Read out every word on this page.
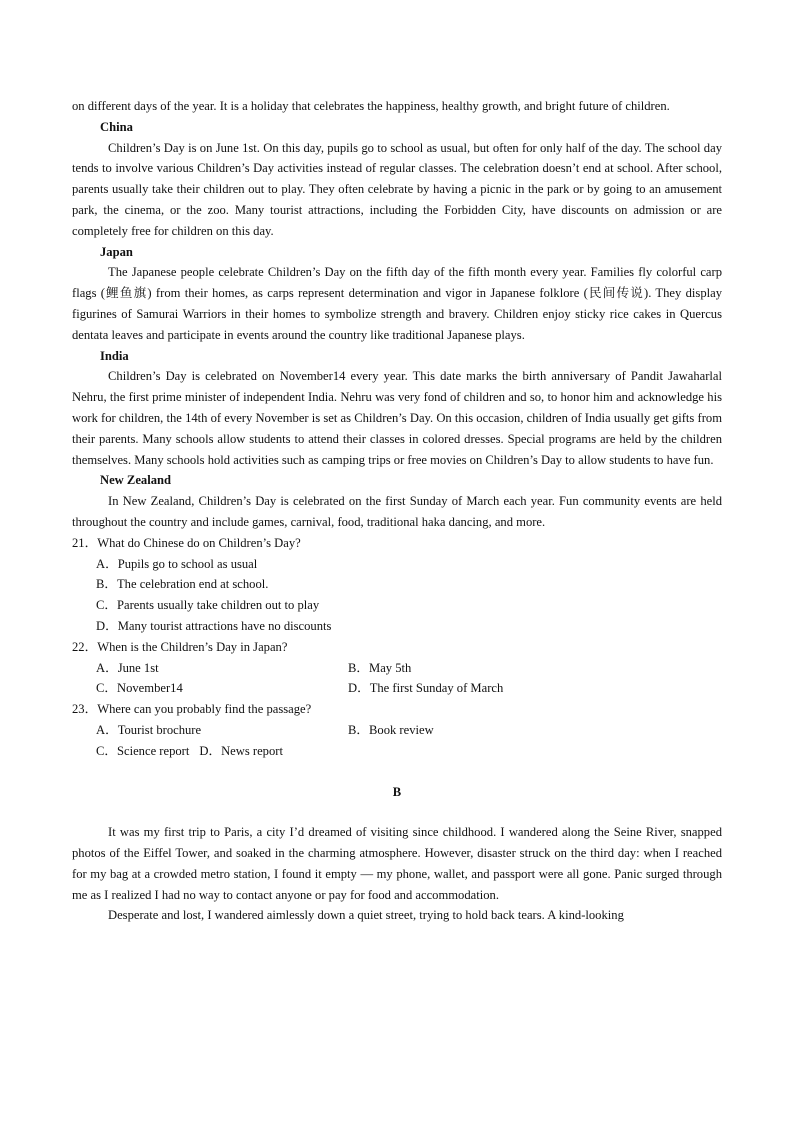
on different days of the year. It is a holiday that celebrates the happiness, healthy growth, and bright future of children.

China

Children’s Day is on June 1st. On this day, pupils go to school as usual, but often for only half of the day. The school day tends to involve various Children’s Day activities instead of regular classes. The celebration doesn’t end at school. After school, parents usually take their children out to play. They often celebrate by having a picnic in the park or by going to an amusement park, the cinema, or the zoo. Many tourist attractions, including the Forbidden City, have discounts on admission or are completely free for children on this day.

Japan

The Japanese people celebrate Children’s Day on the fifth day of the fifth month every year. Families fly colorful carp flags (鲤鱼旗) from their homes, as carps represent determination and vigor in Japanese folklore (民间传说). They display figurines of Samurai Warriors in their homes to symbolize strength and bravery. Children enjoy sticky rice cakes in Quercus dentata leaves and participate in events around the country like traditional Japanese plays.

India

Children’s Day is celebrated on November14 every year. This date marks the birth anniversary of Pandit Jawaharlal Nehru, the first prime minister of independent India. Nehru was very fond of children and so, to honor him and acknowledge his work for children, the 14th of every November is set as Children’s Day. On this occasion, children of India usually get gifts from their parents. Many schools allow students to attend their classes in colored dresses. Special programs are held by the children themselves. Many schools hold activities such as camping trips or free movies on Children’s Day to allow students to have fun.

New Zealand

In New Zealand, Children’s Day is celebrated on the first Sunday of March each year. Fun community events are held throughout the country and include games, carnival, food, traditional haka dancing, and more.

21．What do Chinese do on Children’s Day?

A．Pupils go to school as usual

B．The celebration end at school.

C．Parents usually take children out to play

D．Many tourist attractions have no discounts

22．When is the Children’s Day in Japan?

A．June 1st	B．May 5th
C．November14	D．The first Sunday of March

23．Where can you probably find the passage?

A．Tourist brochure	B．Book review
C．Science report D．News report

B

It was my first trip to Paris, a city I’d dreamed of visiting since childhood. I wandered along the Seine River, snapped photos of the Eiffel Tower, and soaked in the charming atmosphere. However, disaster struck on the third day: when I reached for my bag at a crowded metro station, I found it empty — my phone, wallet, and passport were all gone. Panic surged through me as I realized I had no way to contact anyone or pay for food and accommodation.

Desperate and lost, I wandered aimlessly down a quiet street, trying to hold back tears. A kind-looking
